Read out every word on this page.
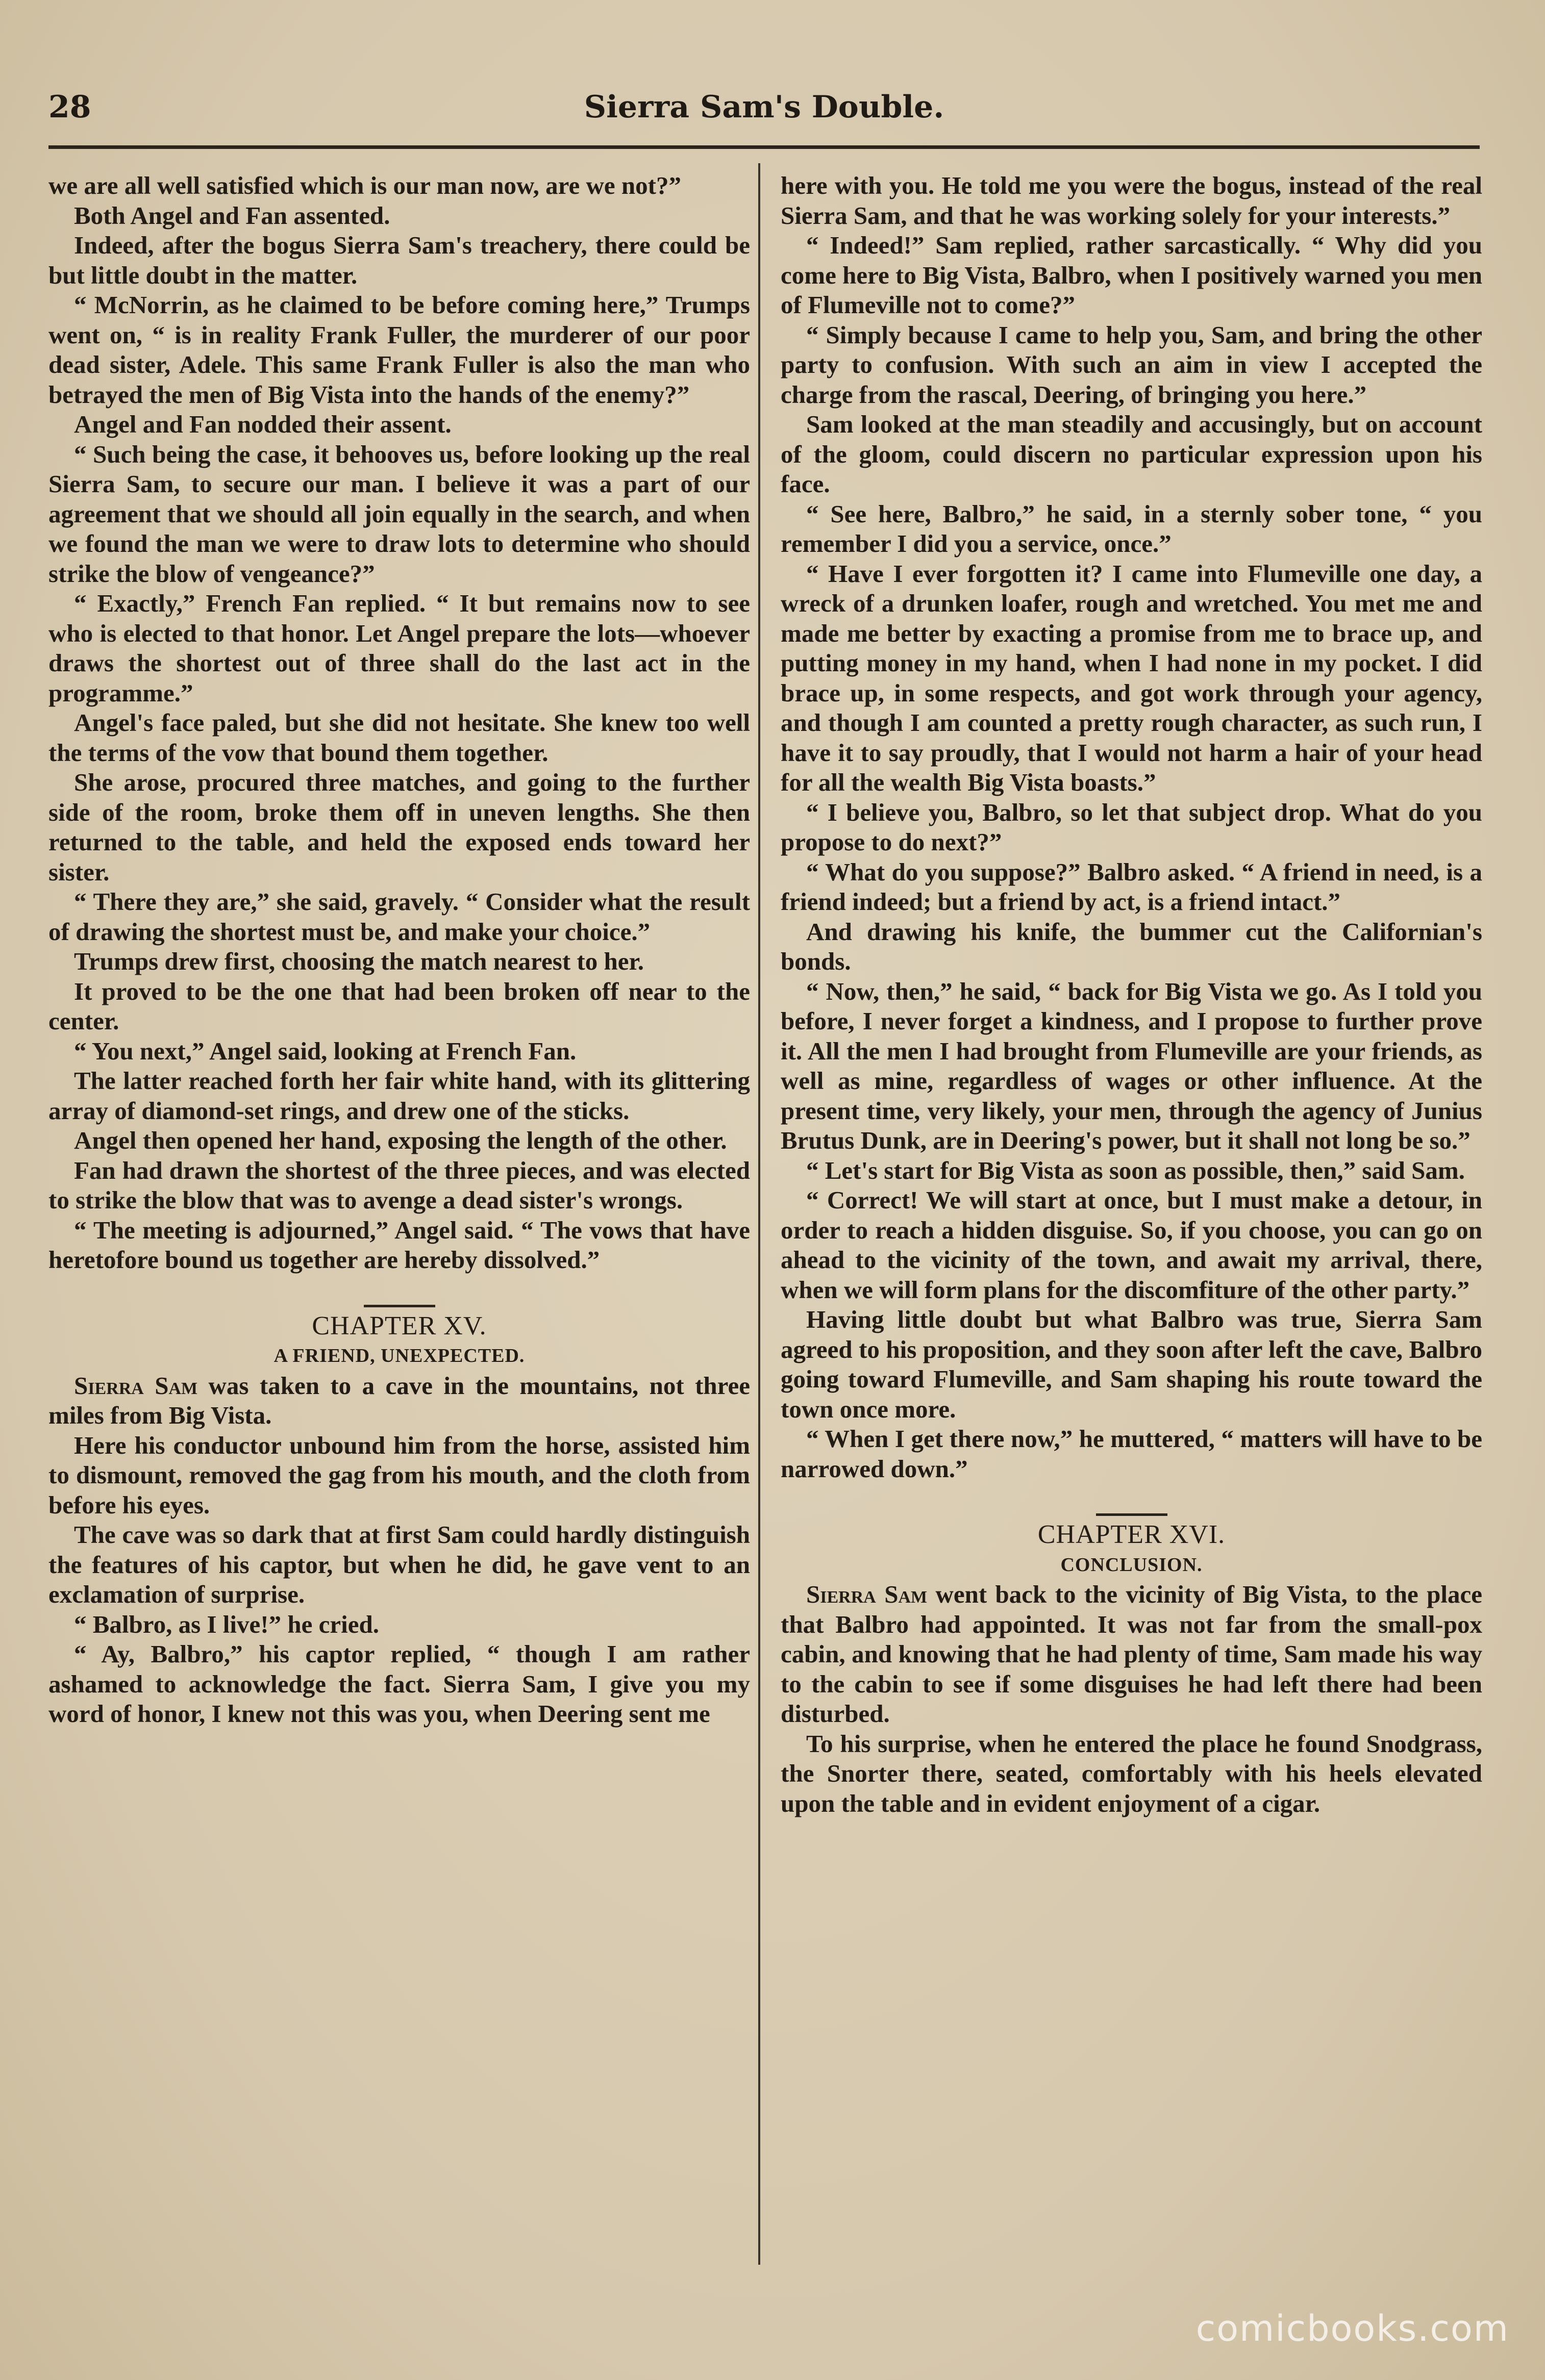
28	Sierra Sam's Double.

we are all well satisfied which is our man now, are we not?”

Both Angel and Fan assented.

Indeed, after the bogus Sierra Sam's treachery, there could be but little doubt in the matter.

“ McNorrin, as he claimed to be before coming here,” Trumps went on, “ is in reality Frank Fuller, the murderer of our poor dead sister, Adele. This same Frank Fuller is also the man who betrayed the men of Big Vista into the hands of the enemy?”

Angel and Fan nodded their assent.

“ Such being the case, it behooves us, before looking up the real Sierra Sam, to secure our man. I believe it was a part of our agreement that we should all join equally in the search, and when we found the man we were to draw lots to determine who should strike the blow of vengeance?”

“ Exactly,” French Fan replied. “ It but remains now to see who is elected to that honor. Let Angel prepare the lots—whoever draws the shortest out of three shall do the last act in the programme.”

Angel's face paled, but she did not hesitate. She knew too well the terms of the vow that bound them together.

She arose, procured three matches, and going to the further side of the room, broke them off in uneven lengths. She then returned to the table, and held the exposed ends toward her sister.

“ There they are,” she said, gravely. “ Consider what the result of drawing the shortest must be, and make your choice.”

Trumps drew first, choosing the match nearest to her.

It proved to be the one that had been broken off near to the center.

“ You next,” Angel said, looking at French Fan.

The latter reached forth her fair white hand, with its glittering array of diamond-set rings, and drew one of the sticks.

Angel then opened her hand, exposing the length of the other.

Fan had drawn the shortest of the three pieces, and was elected to strike the blow that was to avenge a dead sister's wrongs.

“ The meeting is adjourned,” Angel said. “ The vows that have heretofore bound us together are hereby dissolved.”

CHAPTER XV.
A FRIEND, UNEXPECTED.

Sierra Sam was taken to a cave in the mountains, not three miles from Big Vista.

Here his conductor unbound him from the horse, assisted him to dismount, removed the gag from his mouth, and the cloth from before his eyes.

The cave was so dark that at first Sam could hardly distinguish the features of his captor, but when he did, he gave vent to an exclamation of surprise.

“ Balbro, as I live!” he cried.

“ Ay, Balbro,” his captor replied, “ though I am rather ashamed to acknowledge the fact. Sierra Sam, I give you my word of honor, I knew not this was you, when Deering sent me

here with you. He told me you were the bogus, instead of the real Sierra Sam, and that he was working solely for your interests.”

“ Indeed!” Sam replied, rather sarcastically. “ Why did you come here to Big Vista, Balbro, when I positively warned you men of Flumeville not to come?”

“ Simply because I came to help you, Sam, and bring the other party to confusion. With such an aim in view I accepted the charge from the rascal, Deering, of bringing you here.”

Sam looked at the man steadily and accusingly, but on account of the gloom, could discern no particular expression upon his face.

“ See here, Balbro,” he said, in a sternly sober tone, “ you remember I did you a service, once.”

“ Have I ever forgotten it? I came into Flumeville one day, a wreck of a drunken loafer, rough and wretched. You met me and made me better by exacting a promise from me to brace up, and putting money in my hand, when I had none in my pocket. I did brace up, in some respects, and got work through your agency, and though I am counted a pretty rough character, as such run, I have it to say proudly, that I would not harm a hair of your head for all the wealth Big Vista boasts.”

“ I believe you, Balbro, so let that subject drop. What do you propose to do next?”

“ What do you suppose?” Balbro asked. “ A friend in need, is a friend indeed; but a friend by act, is a friend intact.”

And drawing his knife, the bummer cut the Californian's bonds.

“ Now, then,” he said, “ back for Big Vista we go. As I told you before, I never forget a kindness, and I propose to further prove it. All the men I had brought from Flumeville are your friends, as well as mine, regardless of wages or other influence. At the present time, very likely, your men, through the agency of Junius Brutus Dunk, are in Deering's power, but it shall not long be so.”

“ Let's start for Big Vista as soon as possible, then,” said Sam.

“ Correct! We will start at once, but I must make a detour, in order to reach a hidden disguise. So, if you choose, you can go on ahead to the vicinity of the town, and await my arrival, there, when we will form plans for the discomfiture of the other party.”

Having little doubt but what Balbro was true, Sierra Sam agreed to his proposition, and they soon after left the cave, Balbro going toward Flumeville, and Sam shaping his route toward the town once more.

“ When I get there now,” he muttered, “ matters will have to be narrowed down.”

CHAPTER XVI.
CONCLUSION.

Sierra Sam went back to the vicinity of Big Vista, to the place that Balbro had appointed. It was not far from the small-pox cabin, and knowing that he had plenty of time, Sam made his way to the cabin to see if some disguises he had left there had been disturbed.

To his surprise, when he entered the place he found Snodgrass, the Snorter there, seated, comfortably with his heels elevated upon the table and in evident enjoyment of a cigar.

comicbooks.com
